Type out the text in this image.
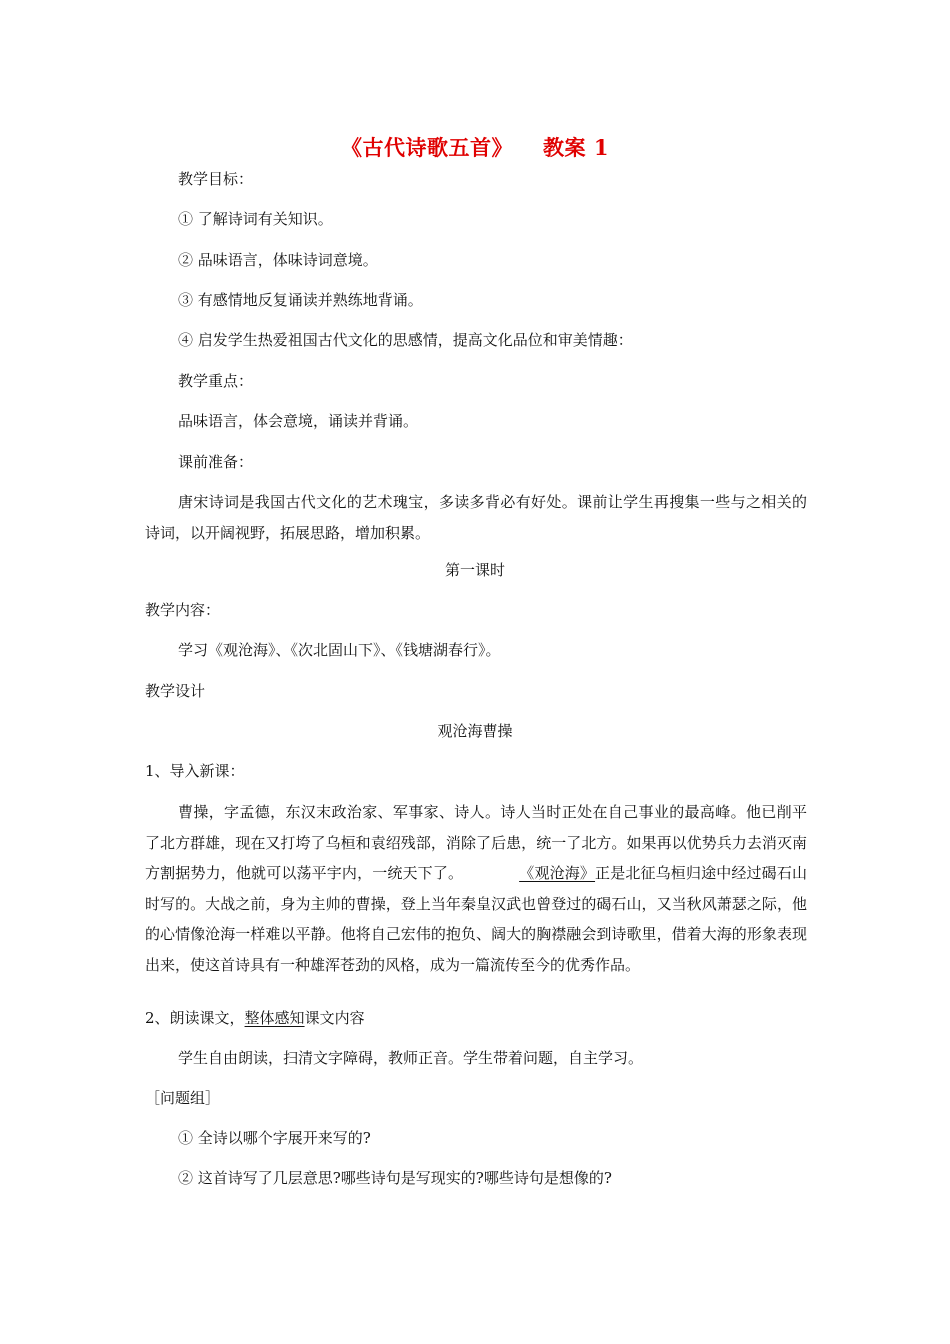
《古代诗歌五首》 教案 1
教学目标：
① 了解诗词有关知识。
② 品味语言，体味诗词意境。
③ 有感情地反复诵读并熟练地背诵。
④ 启发学生热爱祖国古代文化的思感情，提高文化品位和审美情趣：
教学重点：
品味语言，体会意境，诵读并背诵。
课前准备：
唐宋诗词是我国古代文化的艺术瑰宝，多读多背必有好处。课前让学生再搜集一些与之相关的诗词，以开阔视野，拓展思路，增加积累。
第一课时
教学内容：
学习《观沧海》、《次北固山下》、《钱塘湖春行》。
教学设计
观沧海曹操
1、导入新课：
曹操，字孟德，东汉末政治家、军事家、诗人。诗人当时正处在自己事业的最高峰。他已削平了北方群雄，现在又打垮了乌桓和袁绍残部，消除了后患，统一了北方。如果再以优势兵力去消灭南方割据势力，他就可以荡平宇内，一统天下了。	《观沧海》正是北征乌桓归途中经过碣石山时写的。大战之前，身为主帅的曹操，登上当年秦皇汉武也曾登过的碣石山，又当秋风萧瑟之际，他的心情像沧海一样难以平静。他将自己宏伟的抱负、阔大的胸襟融会到诗歌里，借着大海的形象表现出来，使这首诗具有一种雄浑苍劲的风格，成为一篇流传至今的优秀作品。
2、朗读课文，整体感知课文内容
学生自由朗读，扫清文字障碍，教师正音。学生带着问题，自主学习。
［问题组］
① 全诗以哪个字展开来写的?
② 这首诗写了几层意思?哪些诗句是写现实的?哪些诗句是想像的?
